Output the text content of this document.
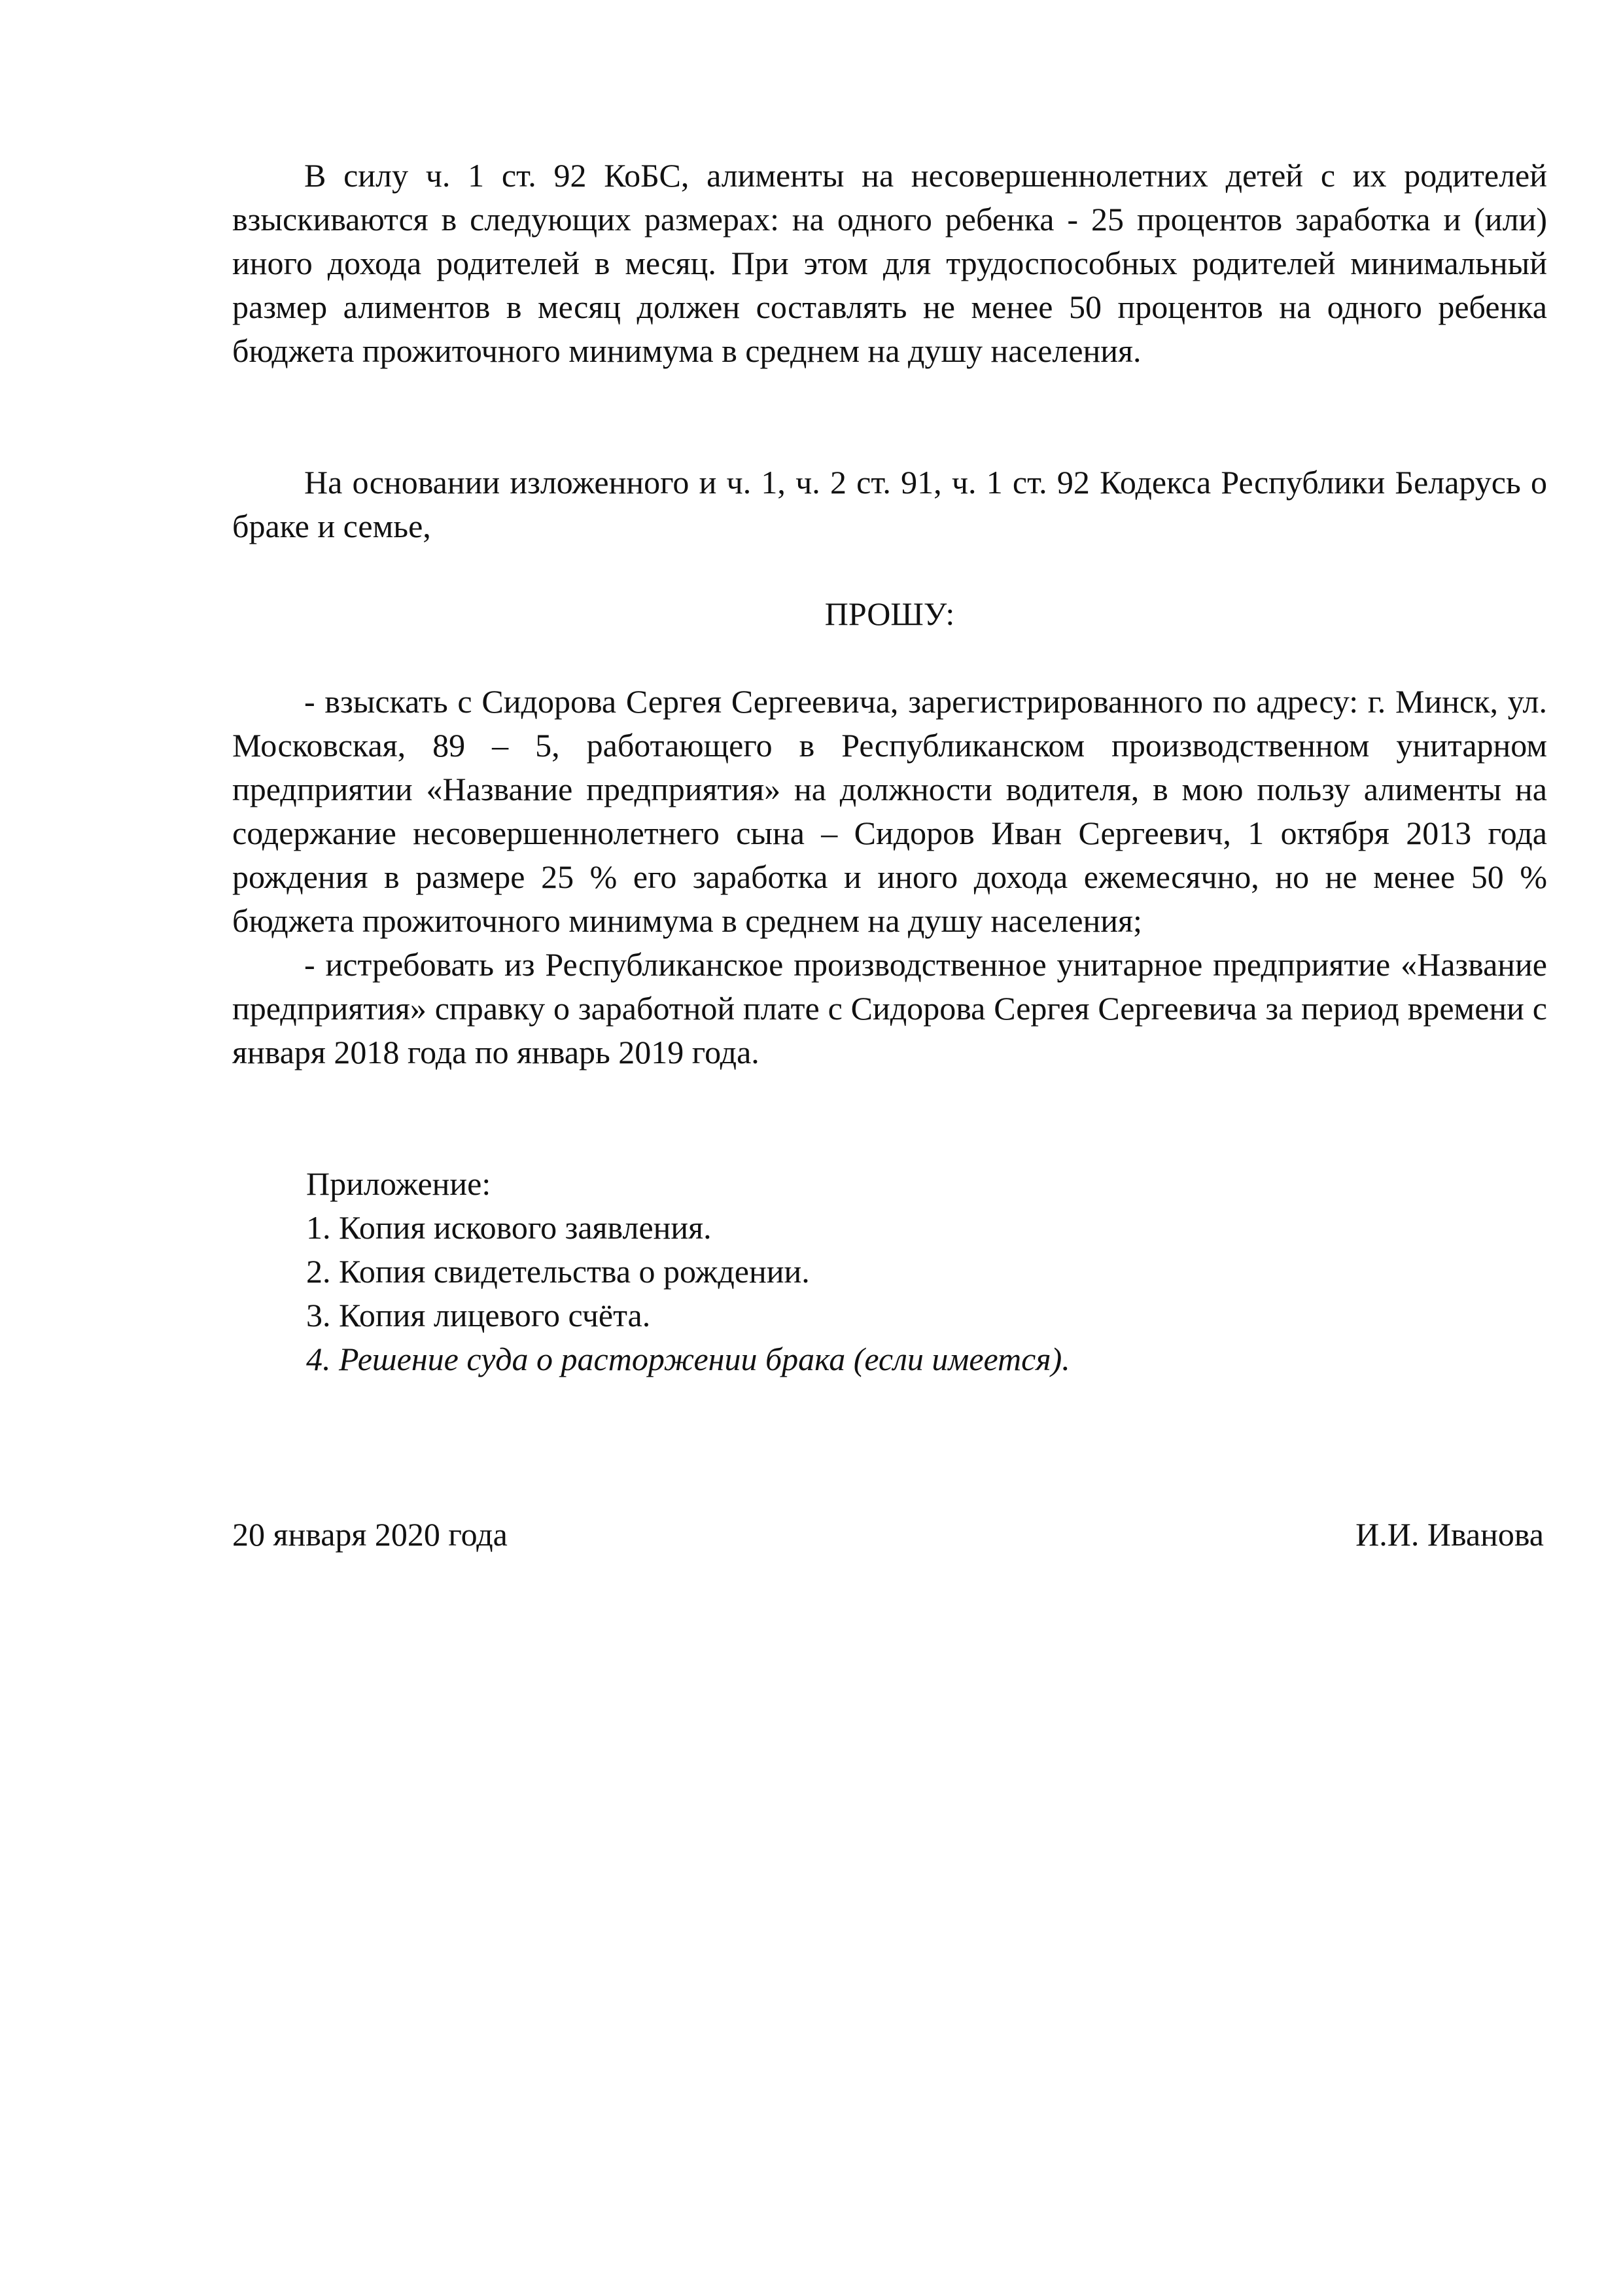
В силу ч. 1 ст. 92 КоБС, алименты на несовершеннолетних детей с их родителей взыскиваются в следующих размерах: на одного ребенка - 25 процентов заработка и (или) иного дохода родителей в месяц. При этом для трудоспособных родителей минимальный размер алиментов в месяц должен составлять не менее 50 процентов на одного ребенка бюджета прожиточного минимума в среднем на душу населения.

На основании изложенного и ч. 1, ч. 2 ст. 91, ч. 1 ст. 92 Кодекса Республики Беларусь о браке и семье,

ПРОШУ:

- взыскать с Сидорова Сергея Сергеевича, зарегистрированного по адресу: г. Минск, ул. Московская, 89 – 5, работающего в Республиканском производственном унитарном предприятии «Название предприятия» на должности водителя, в мою пользу алименты на содержание несовершеннолетнего сына – Сидоров Иван Сергеевич, 1 октября 2013 года рождения в размере 25 % его заработка и иного дохода ежемесячно, но не менее 50 % бюджета прожиточного минимума в среднем на душу населения;

- истребовать из Республиканское производственное унитарное предприятие «Название предприятия» справку о заработной плате с Сидорова Сергея Сергеевича за период времени с января 2018 года по январь 2019 года.

Приложение:

1. Копия искового заявления.

2. Копия свидетельства о рождении.

3. Копия лицевого счёта.

4. Решение суда о расторжении брака (если имеется).

20 января 2020 года	И.И. Иванова
